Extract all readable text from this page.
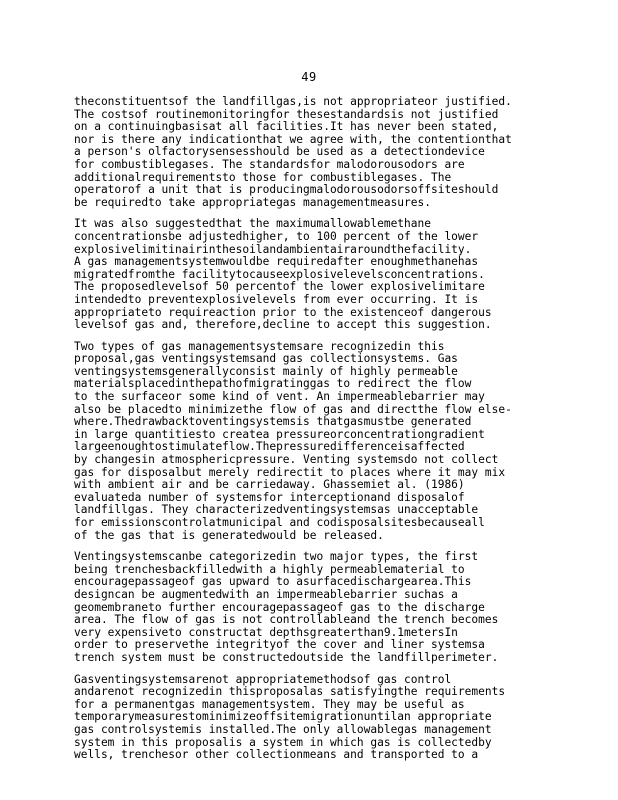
49
theconstituentsof the landfillgas,is not appropriateor justified.
The costsof routinemonitoringfor thesestandardsis not justified
on a continuingbasisat all facilities.It has never been stated,
nor is there any indicationthat we agree with, the contentionthat
a person's olfactorysensesshould be used as a detectiondevice
for combustiblegases. The standardsfor malodorousodors are
additionalrequirementsto those for combustiblegases. The
operatorof a unit that is producingmalodorousodorsoffsiteshould
be requiredto take appropriategas managementmeasures.
It was also suggestedthat the maximumallowablemethane
concentrationsbe adjustedhigher, to 100 percent of the lower
explosivelimitinairinthesoilandambientairaroundthefacility.
A gas managementsystemwouldbe requiredafter enoughmethanehas
migratedfromthe facilitytocauseexplosivelevelsconcentrations.
The proposedlevelsof 50 percentof the lower explosivelimitare
intendedto preventexplosivelevels from ever occurring. It is
appropriateto requireaction prior to the existenceof dangerous
levelsof gas and, therefore,decline to accept this suggestion.
Two types of gas managementsystemsare recognizedin this
proposal,gas ventingsystemsand gas collectionsystems. Gas
ventingsystemsgenerallyconsist mainly of highly permeable
materialsplacedinthepathofmigratinggas to redirect the flow
to the surfaceor some kind of vent. An impermeablebarrier may
also be placedto minimizethe flow of gas and directthe flow else-
where.Thedrawbacktoventingsystemsis thatgasmustbe generated
in large quantitiesto createa pressureorconcentrationgradient
largeenoughtostimulateflow.Thepressuredifferenceisaffected
by changesin atmosphericpressure. Venting systemsdo not collect
gas for disposalbut merely redirectit to places where it may mix
with ambient air and be carriedaway. Ghassemiet al. (1986)
evaluateda number of systemsfor interceptionand disposalof
landfillgas. They characterizedventingsystemsas unacceptable
for emissionscontrolatmunicipal and codisposalsitesbecauseall
of the gas that is generatedwould be released.
Ventingsystemscanbe categorizedin two major types, the first
being trenchesbackfilledwith a highly permeablematerial to
encouragepassageof gas upward to asurfacedischargearea.This
designcan be augmentedwith an impermeablebarrier suchas a
geomembraneto further encouragepassageof gas to the discharge
area. The flow of gas is not controllableand the trench becomes
very expensiveto constructat depthsgreaterthan9.1metersIn
order to preservethe integrityof the cover and liner systemsa
trench system must be constructedoutside the landfillperimeter.
Gasventingsystemsarenot appropriatemethodsof gas control
andarenot recognizedin thisproposalas satisfyingthe requirements
for a permanentgas managementsystem. They may be useful as
temporarymeasurestominimizeoffsitemigrationuntilan appropriate
gas controlsystemis installed.The only allowablegas management
system in this proposalis a system in which gas is collectedby
wells, trenchesor other collectionmeans and transported to a
